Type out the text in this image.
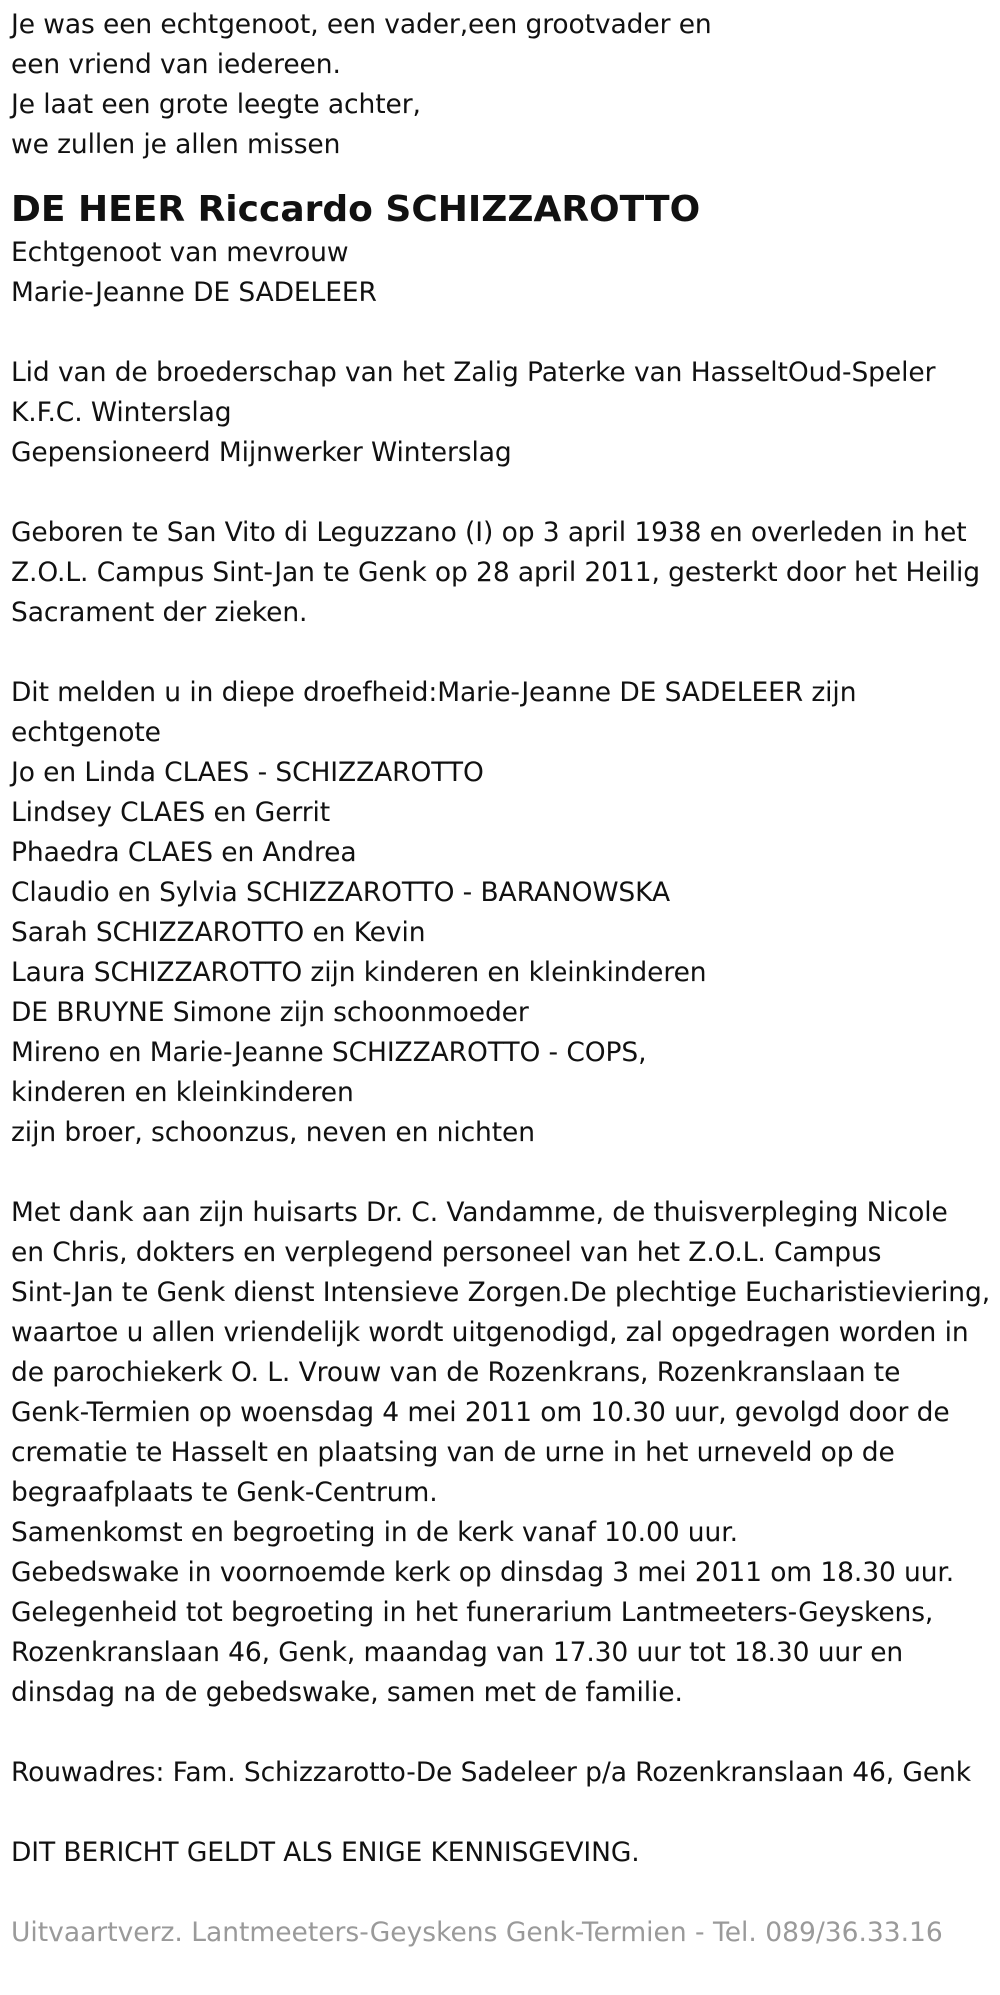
Je was een echtgenoot, een vader,een grootvader en
een vriend van iedereen.
Je laat een grote leegte achter,
we zullen je allen missen
DE HEER Riccardo SCHIZZAROTTO
Echtgenoot van mevrouw
Marie-Jeanne DE SADELEER
Lid van de broederschap van het Zalig Paterke van HasseltOud-Speler
K.F.C. Winterslag
Gepensioneerd Mijnwerker Winterslag
Geboren te San Vito di Leguzzano (I) op 3 april 1938 en overleden in het
Z.O.L. Campus Sint-Jan te Genk op 28 april 2011, gesterkt door het Heilig
Sacrament der zieken.
Dit melden u in diepe droefheid:Marie-Jeanne DE SADELEER zijn
echtgenote
Jo en Linda CLAES - SCHIZZAROTTO
Lindsey CLAES en Gerrit
Phaedra CLAES en Andrea
Claudio en Sylvia SCHIZZAROTTO - BARANOWSKA
Sarah SCHIZZAROTTO en Kevin
Laura SCHIZZAROTTO zijn kinderen en kleinkinderen
DE BRUYNE Simone zijn schoonmoeder
Mireno en Marie-Jeanne SCHIZZAROTTO - COPS,
kinderen en kleinkinderen
zijn broer, schoonzus, neven en nichten
Met dank aan zijn huisarts Dr. C. Vandamme, de thuisverpleging Nicole
en Chris, dokters en verplegend personeel van het Z.O.L. Campus
Sint-Jan te Genk dienst Intensieve Zorgen.De plechtige Eucharistieviering,
waartoe u allen vriendelijk wordt uitgenodigd, zal opgedragen worden in
de parochiekerk O. L. Vrouw van de Rozenkrans, Rozenkranslaan te
Genk-Termien op woensdag 4 mei 2011 om 10.30 uur, gevolgd door de
crematie te Hasselt en plaatsing van de urne in het urneveld op de
begraafplaats te Genk-Centrum.
Samenkomst en begroeting in de kerk vanaf 10.00 uur.
Gebedswake in voornoemde kerk op dinsdag 3 mei 2011 om 18.30 uur.
Gelegenheid tot begroeting in het funerarium Lantmeeters-Geyskens,
Rozenkranslaan 46, Genk, maandag van 17.30 uur tot 18.30 uur en
dinsdag na de gebedswake, samen met de familie.
Rouwadres: Fam. Schizzarotto-De Sadeleer p/a Rozenkranslaan 46, Genk
DIT BERICHT GELDT ALS ENIGE KENNISGEVING.
Uitvaartverz. Lantmeeters-Geyskens Genk-Termien - Tel. 089/36.33.16
